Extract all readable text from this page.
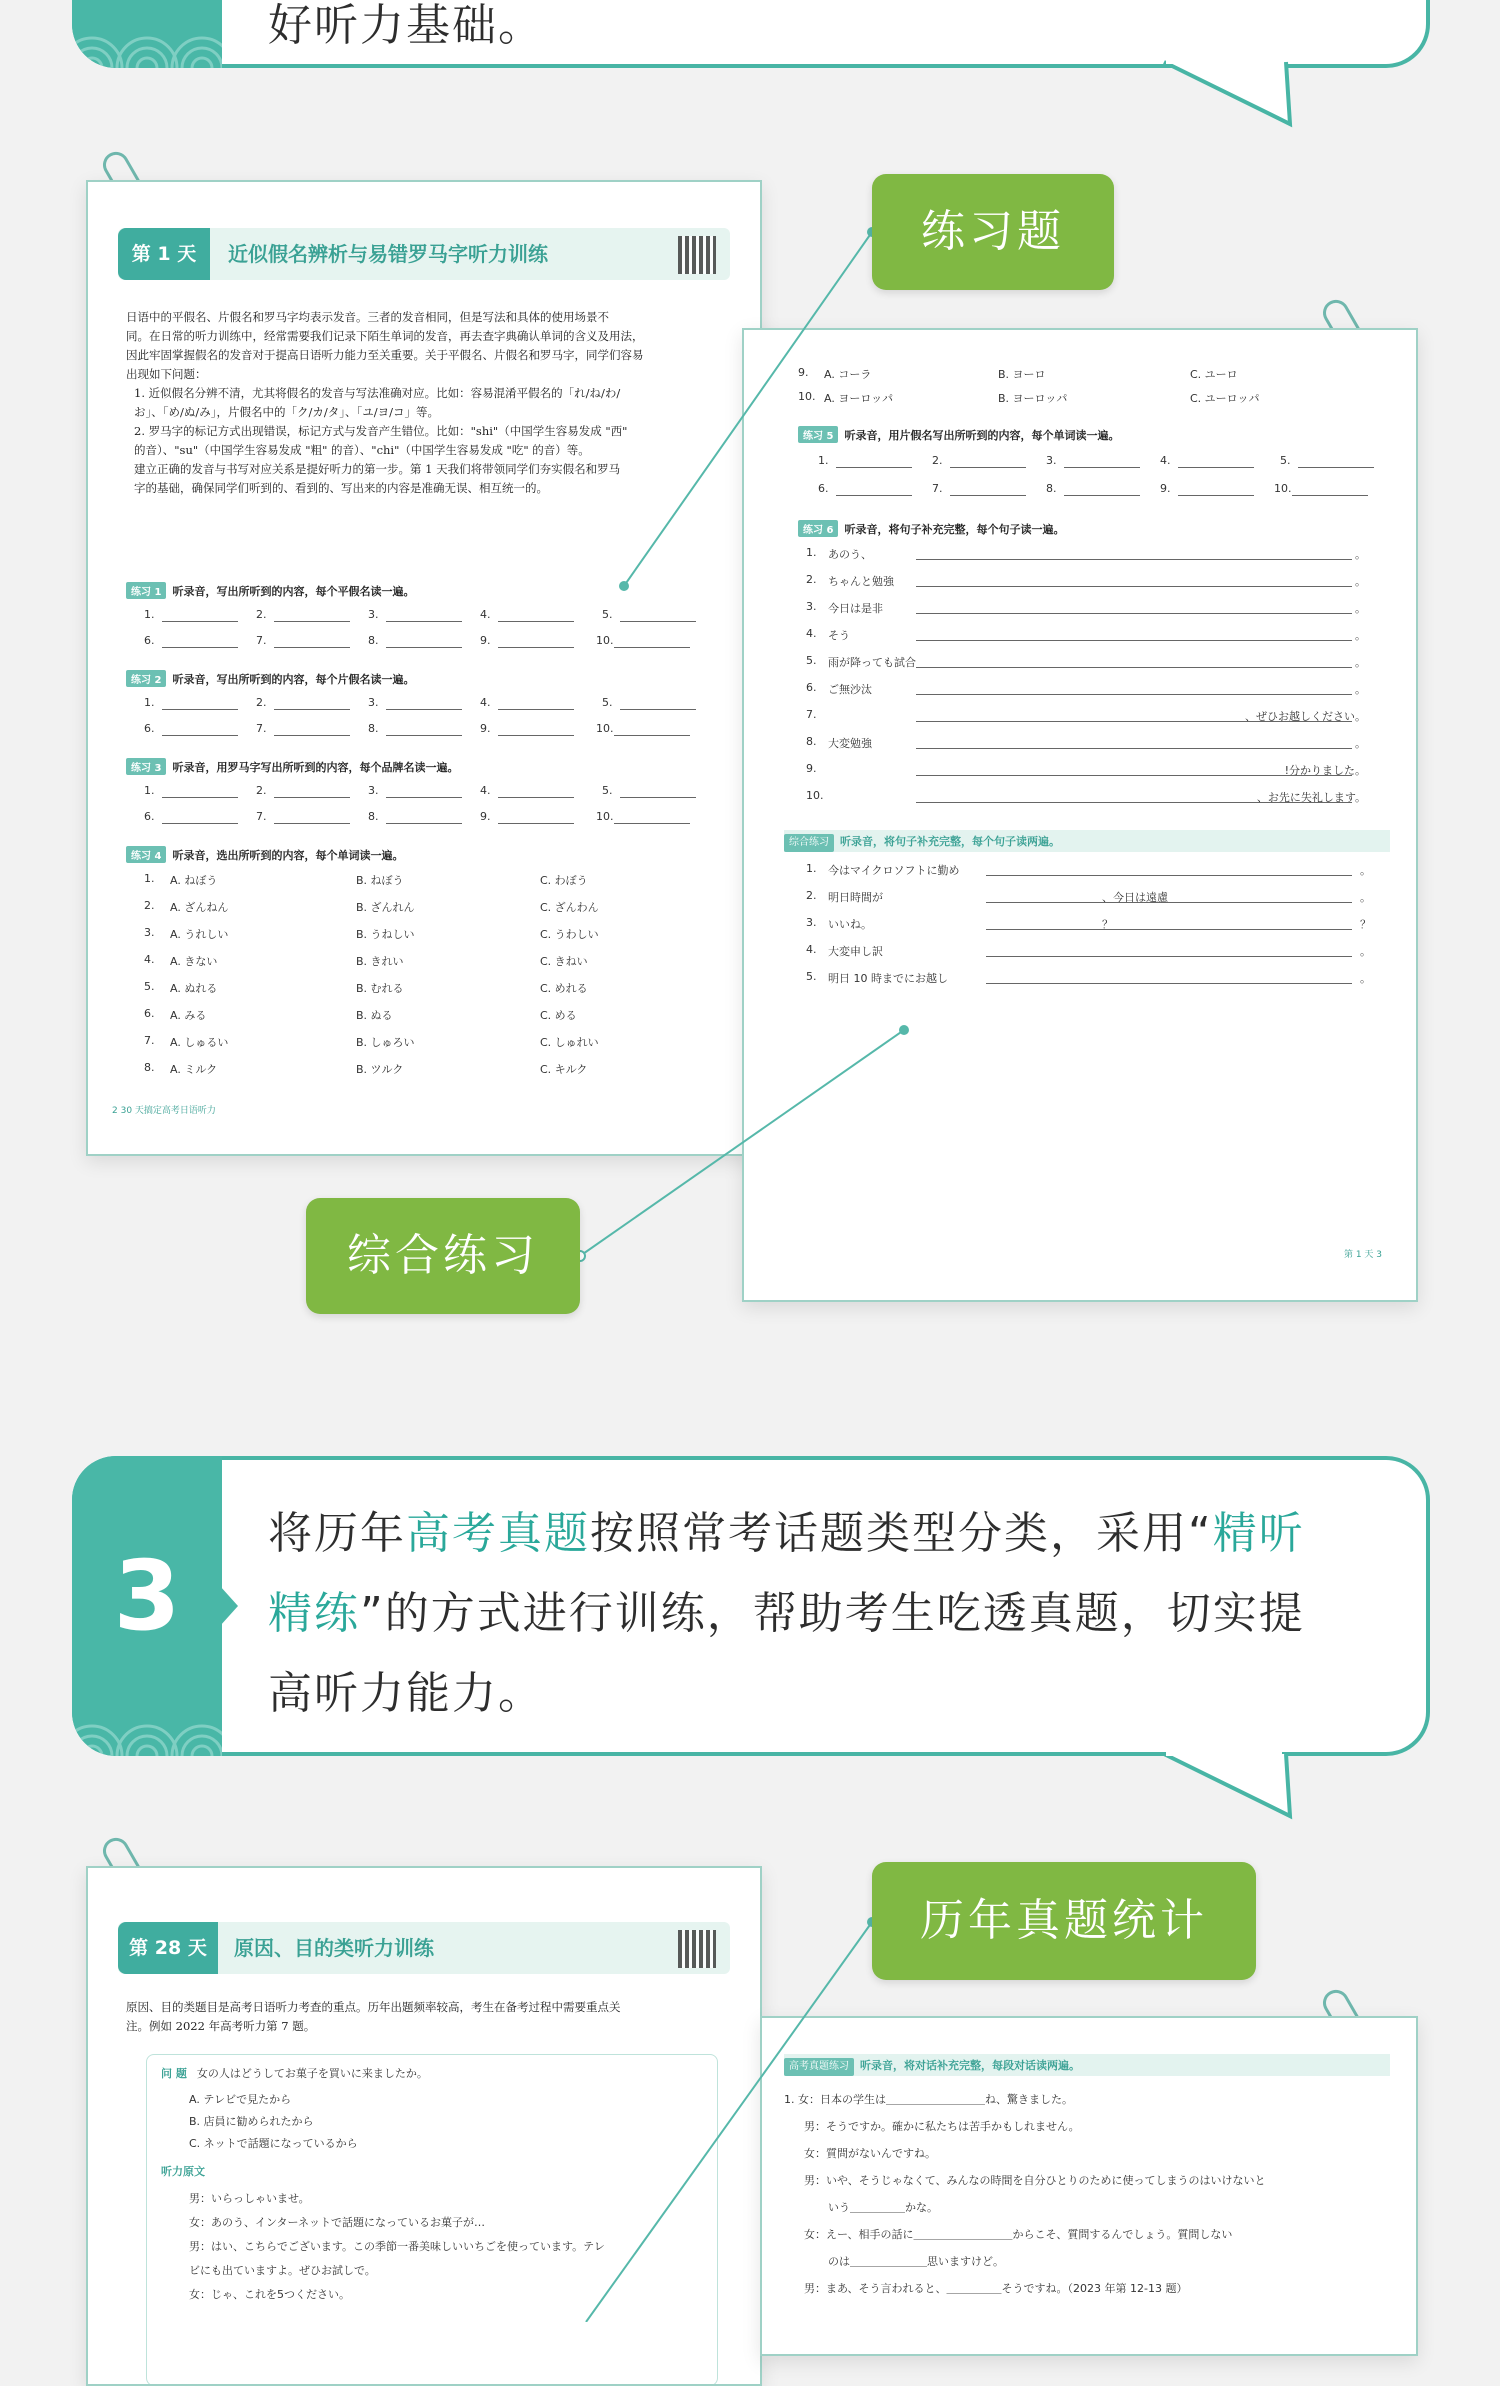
好听力基础。
第 1 天	近似假名辨析与易错罗马字听力训练
日语中的平假名、片假名和罗马字均表示发音。三者的发音相同，但是写法和具体的使用场景不
同。在日常的听力训练中，经常需要我们记录下陌生单词的发音，再去查字典确认单词的含义及用法，
因此牢固掌握假名的发音对于提高日语听力能力至关重要。关于平假名、片假名和罗马字，同学们容易
出现如下问题：
1. 近似假名分辨不清，尤其将假名的发音与写法准确对应。比如：容易混淆平假名的「れ/ね/わ/
お」、「め/ぬ/み」，片假名中的「ク/カ/タ」、「ユ/ヨ/コ」等。
2. 罗马字的标记方式出现错误，标记方式与发音产生错位。比如："shi"（中国学生容易发成 "西"
的音）、"su"（中国学生容易发成 "粗" 的音）、"chi"（中国学生容易发成 "吃" 的音）等。
建立正确的发音与书写对应关系是提好听力的第一步。第 1 天我们将带领同学们夯实假名和罗马
字的基础，确保同学们听到的、看到的、写出来的内容是准确无误、相互统一的。
练习 1 听录音，写出所听到的内容，每个平假名读一遍。
1.	2.	3.	4.	5.
6.	7.	8.	9.	10.
练习 2 听录音，写出所听到的内容，每个片假名读一遍。
1.	2.	3.	4.	5.
6.	7.	8.	9.	10.
练习 3 听录音，用罗马字写出所听到的内容，每个品牌名读一遍。
1.	2.	3.	4.	5.
6.	7.	8.	9.	10.
练习 4 听录音，选出所听到的内容，每个单词读一遍。
1. A. ねぼう	B. ねぼう	C. わぼう
2. A. ざんねん	B. ざんれん	C. ざんわん
3. A. うれしい	B. うねしい	C. うわしい
4. A. きない	B. きれい	C. きねい
5. A. ぬれる	B. むれる	C. めれる
6. A. みる	B. ぬる	C. める
7. A. しゅるい	B. しゅろい	C. しゅれい
8. A. ミルク	B. ツルク	C. キルク
2 30 天搞定高考日语听力
9. A. コーラ	B. ヨーロ	C. ユーロ
10. A. ヨーロッパ	B. ヨーロッパ	C. ユーロッパ
练习 5 听录音，用片假名写出所听到的内容，每个单词读一遍。
1.	2.	3.	4.	5.
6.	7.	8.	9.	10.
练习 6 听录音，将句子补充完整，每个句子读一遍。
1. あのう、	。
2. ちゃんと勉強	。
3. 今日は是非	。
4. そう	。
5. 雨が降っても試合	。
6. ご無沙汰	。
7.	、ぜひお越しください。
8. 大変勉強	。
9.	!分かりました。
10.	、お先に失礼します。
综合练习 听录音，将句子补充完整，每个句子读两遍。
1. 今はマイクロソフトに勤め	。
2. 明日時間が	、今日は遠慮	。
3. いいね。	？	？
4. 大変申し訳	。
5. 明日 10 時までにお越し	。
第 1 天 3
练习题
综合练习
3
将历年高考真题按照常考话题类型分类，采用“精听
精练”的方式进行训练，帮助考生吃透真题，切实提
高听力能力。
第 28 天	原因、目的类听力训练
原因、目的类题目是高考日语听力考查的重点。历年出题频率较高，考生在备考过程中需要重点关
注。例如 2022 年高考听力第 7 题。
问 题 女の人はどうしてお菓子を買いに来ましたか。
A. テレビで見たから
B. 店員に勧められたから
C. ネットで話題になっているから
听力原文
男：いらっしゃいませ。
女：あのう、インターネットで話題になっているお菓子が…
男：はい、こちらでございます。この季節一番美味しいいちごを使っています。テレ
ビにも出ていますよ。ぜひお試しで。
女：じゃ、これを5つください。
高考真题练习 听录音，将对话补充完整，每段对话读两遍。
1. 女：日本の学生は＿＿＿＿＿＿＿＿＿ね、驚きました。
男：そうですか。確かに私たちは苦手かもしれません。
女：質問がないんですね。
男：いや、そうじゃなくて、みんなの時間を自分ひとりのために使ってしまうのはいけないと
いう＿＿＿＿＿かな。
女：えー、相手の話に＿＿＿＿＿＿＿＿＿からこそ、質問するんでしょう。質問しない
のは＿＿＿＿＿＿＿思いますけど。
男：まあ、そう言われると、＿＿＿＿＿そうですね。（2023 年第 12-13 题）
历年真题统计
